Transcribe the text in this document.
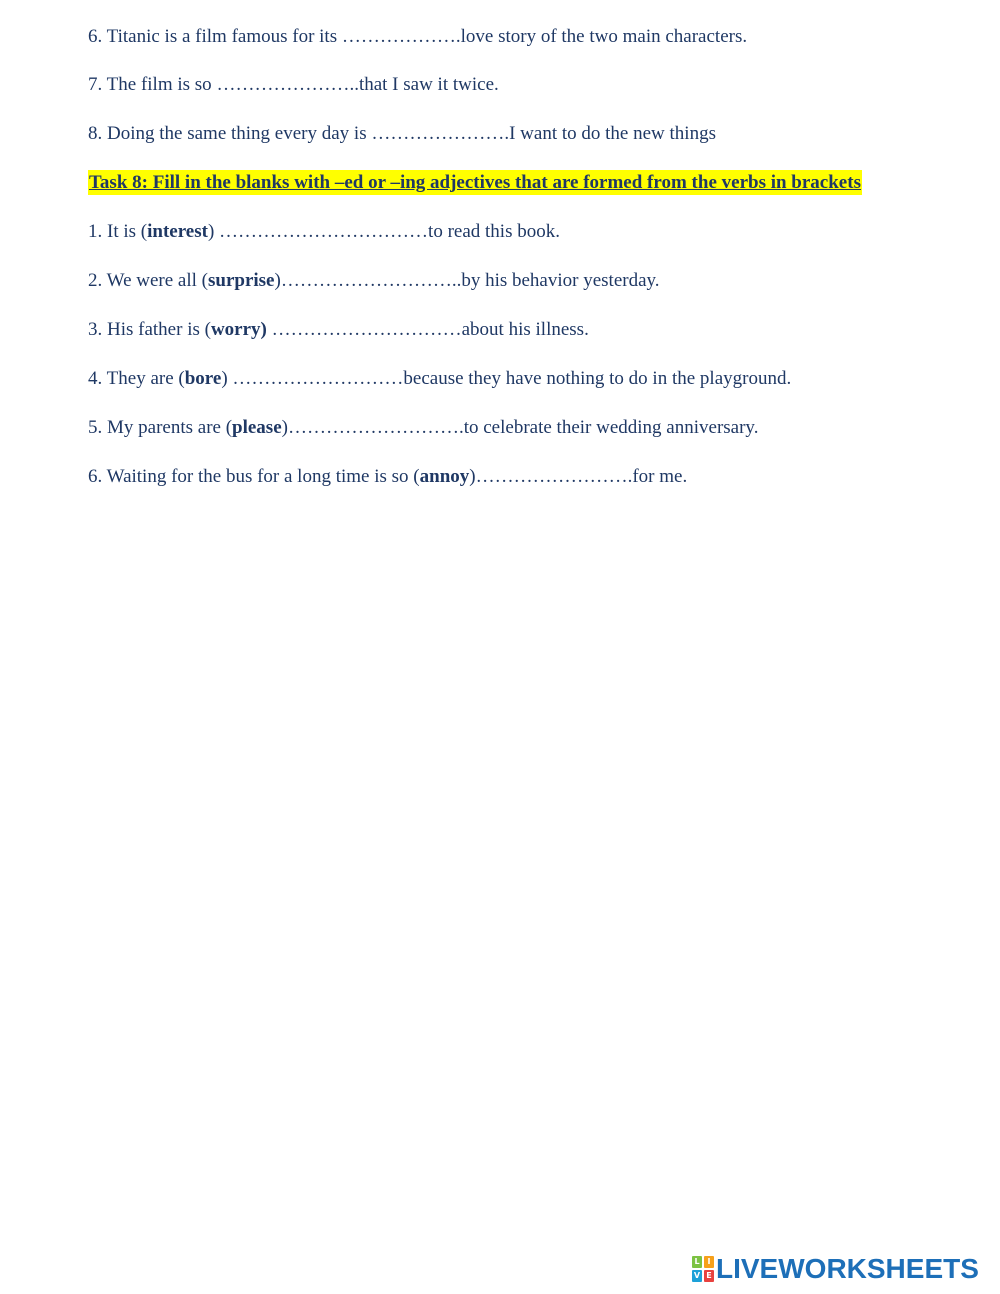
6. Titanic is a film famous for its ……………….love story of the two main characters.
7. The film is so …………………..that I saw it twice.
8. Doing the same thing every day is ………………….I want to do the new things
Task 8: Fill in the blanks with –ed or –ing adjectives that are formed from the verbs in brackets
1. It is (interest) ……………………………to read this book.
2. We were all (surprise)………………………..by his behavior yesterday.
3. His father is (worry) …………………………about his illness.
4. They are (bore) ………………………because they have nothing to do in the playground.
5. My parents are (please)……………………….to celebrate their wedding anniversary.
6. Waiting for the bus for a long time is so (annoy)…………………….for me.
L I
V E LIVEWORKSHEETS
